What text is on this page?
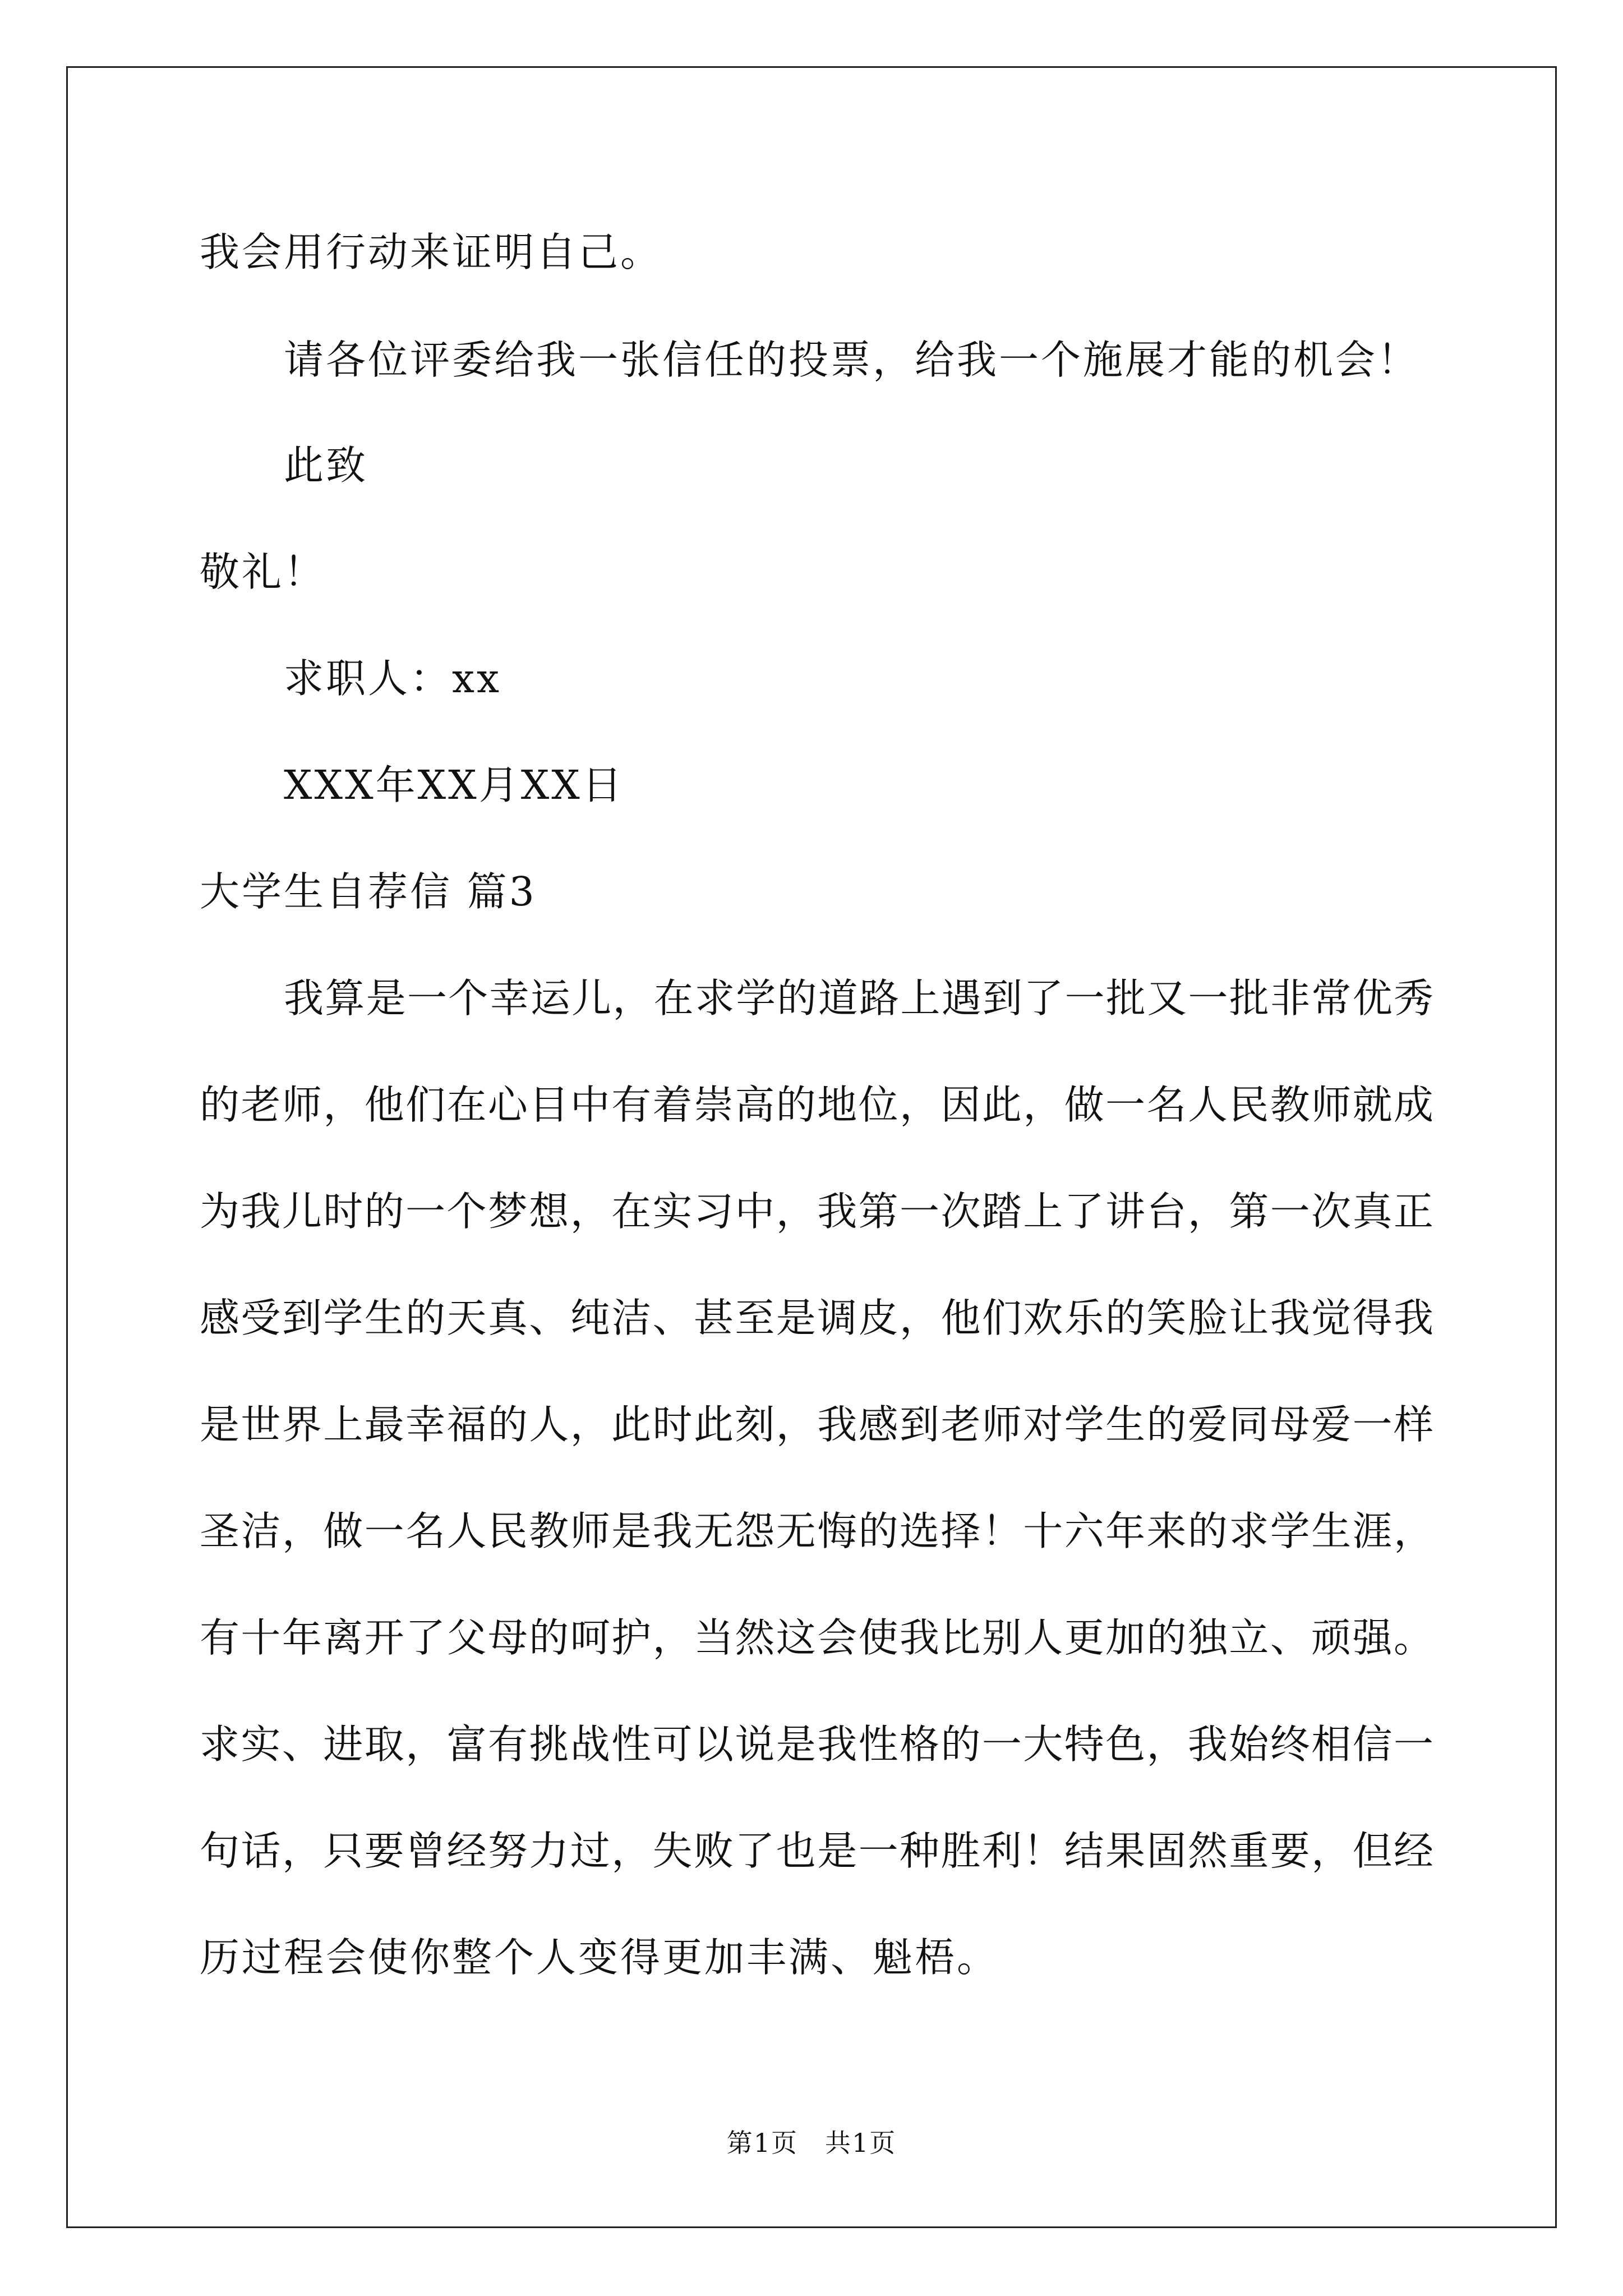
我会用行动来证明自己。
请各位评委给我一张信任的投票，给我一个施展才能的机会！
此致
敬礼！
求职人：xx
XXX年XX月XX日
大学生自荐信 篇3
我算是一个幸运儿，在求学的道路上遇到了一批又一批非常优秀
的老师，他们在心目中有着崇高的地位，因此，做一名人民教师就成
为我儿时的一个梦想，在实习中，我第一次踏上了讲台，第一次真正
感受到学生的天真、纯洁、甚至是调皮，他们欢乐的笑脸让我觉得我
是世界上最幸福的人，此时此刻，我感到老师对学生的爱同母爱一样
圣洁，做一名人民教师是我无怨无悔的选择！十六年来的求学生涯，
有十年离开了父母的呵护，当然这会使我比别人更加的独立、顽强。
求实、进取，富有挑战性可以说是我性格的一大特色，我始终相信一
句话，只要曾经努力过，失败了也是一种胜利！结果固然重要，但经
历过程会使你整个人变得更加丰满、魁梧。
第1页　共1页
